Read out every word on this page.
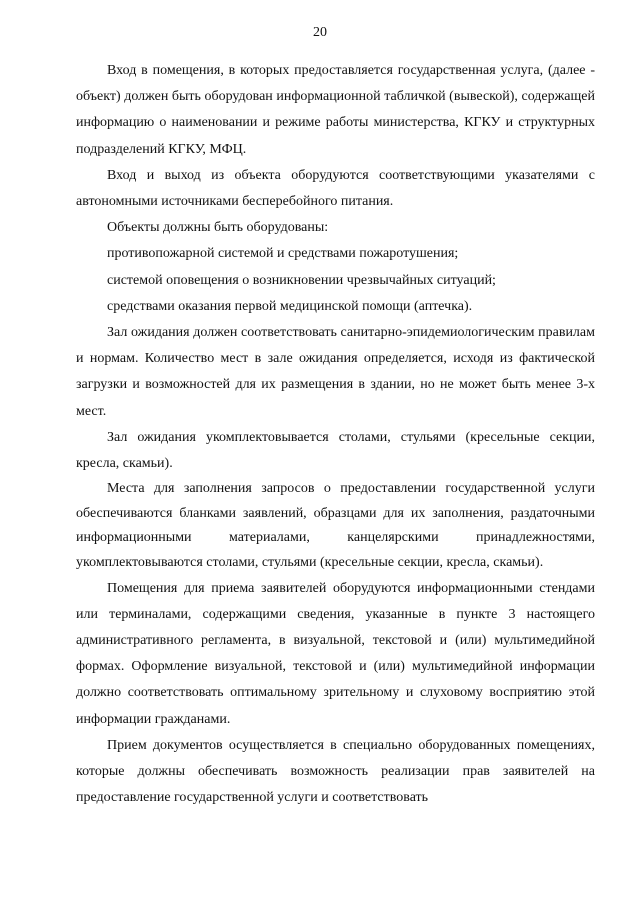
20

Вход в помещения, в которых предоставляется государственная услуга, (далее - объект) должен быть оборудован информационной табличкой (вывеской), содержащей информацию о наименовании и режиме работы министерства, КГКУ и структурных подразделений КГКУ, МФЦ.

Вход и выход из объекта оборудуются соответствующими указателями с автономными источниками бесперебойного питания.

Объекты должны быть оборудованы:

противопожарной системой и средствами пожаротушения;

системой оповещения о возникновении чрезвычайных ситуаций;

средствами оказания первой медицинской помощи (аптечка).

Зал ожидания должен соответствовать санитарно-эпидемиологическим правилам и нормам. Количество мест в зале ожидания определяется, исходя из фактической загрузки и возможностей для их размещения в здании, но не может быть менее 3-х мест.

Зал ожидания укомплектовывается столами, стульями (кресельные секции, кресла, скамьи).

Места для заполнения запросов о предоставлении государственной услуги обеспечиваются бланками заявлений, образцами для их заполнения, раздаточными информационными материалами, канцелярскими принадлежностями, укомплектовываются столами, стульями (кресельные секции, кресла, скамьи).

Помещения для приема заявителей оборудуются информационными стендами или терминалами, содержащими сведения, указанные в пункте 3 настоящего административного регламента, в визуальной, текстовой и (или) мультимедийной формах. Оформление визуальной, текстовой и (или) мультимедийной информации должно соответствовать оптимальному зрительному и слуховому восприятию этой информации гражданами.

Прием документов осуществляется в специально оборудованных помещениях, которые должны обеспечивать возможность реализации прав заявителей на предоставление государственной услуги и соответствовать
